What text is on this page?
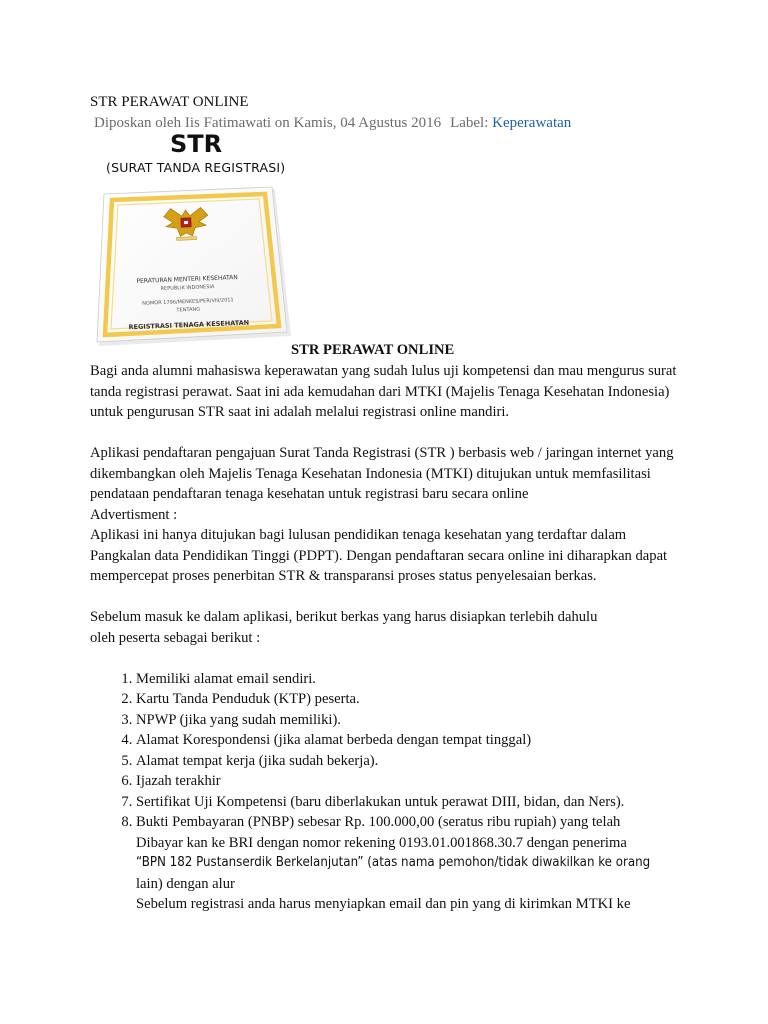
STR PERAWAT ONLINE
Diposkan oleh Iis Fatimawati on Kamis, 04 Agustus 2016 Label: Keperawatan
STR
(SURAT TANDA REGISTRASI)
PERATURAN MENTERI KESEHATAN
REPUBLIK INDONESIA
NOMOR 1796/MENKES/PER/VIII/2011
TENTANG
REGISTRASI TENAGA KESEHATAN
STR PERAWAT ONLINE

Bagi anda alumni mahasiswa keperawatan yang sudah lulus uji kompetensi dan mau mengurus surat tanda registrasi perawat. Saat ini ada kemudahan dari MTKI (Majelis Tenaga Kesehatan Indonesia) untuk pengurusan STR saat ini adalah melalui registrasi online mandiri.

Aplikasi pendaftaran pengajuan Surat Tanda Registrasi (STR ) berbasis web / jaringan internet yang dikembangkan oleh Majelis Tenaga Kesehatan Indonesia (MTKI) ditujukan untuk memfasilitasi pendataan pendaftaran tenaga kesehatan untuk registrasi baru secara online

Advertisment :

Aplikasi ini hanya ditujukan bagi lulusan pendidikan tenaga kesehatan yang terdaftar dalam Pangkalan data Pendidikan Tinggi (PDPT). Dengan pendaftaran secara online ini diharapkan dapat mempercepat proses penerbitan STR & transparansi proses status penyelesaian berkas.

Sebelum masuk ke dalam aplikasi, berikut berkas yang harus disiapkan terlebih dahulu

oleh peserta sebagai berikut :

1. Memiliki alamat email sendiri.
2. Kartu Tanda Penduduk (KTP) peserta.
3. NPWP (jika yang sudah memiliki).
4. Alamat Korespondensi (jika alamat berbeda dengan tempat tinggal)
5. Alamat tempat kerja (jika sudah bekerja).
6. Ijazah terakhir
7. Sertifikat Uji Kompetensi (baru diberlakukan untuk perawat DIII, bidan, dan Ners).
8. Bukti Pembayaran (PNBP) sebesar Rp. 100.000,00 (seratus ribu rupiah) yang telah
Dibayar kan ke BRI dengan nomor rekening 0193.01.001868.30.7 dengan penerima
“BPN 182 Pustanserdik Berkelanjutan” (atas nama pemohon/tidak diwakilkan ke orang
lain) dengan alur
Sebelum registrasi anda harus menyiapkan email dan pin yang di kirimkan MTKI ke
